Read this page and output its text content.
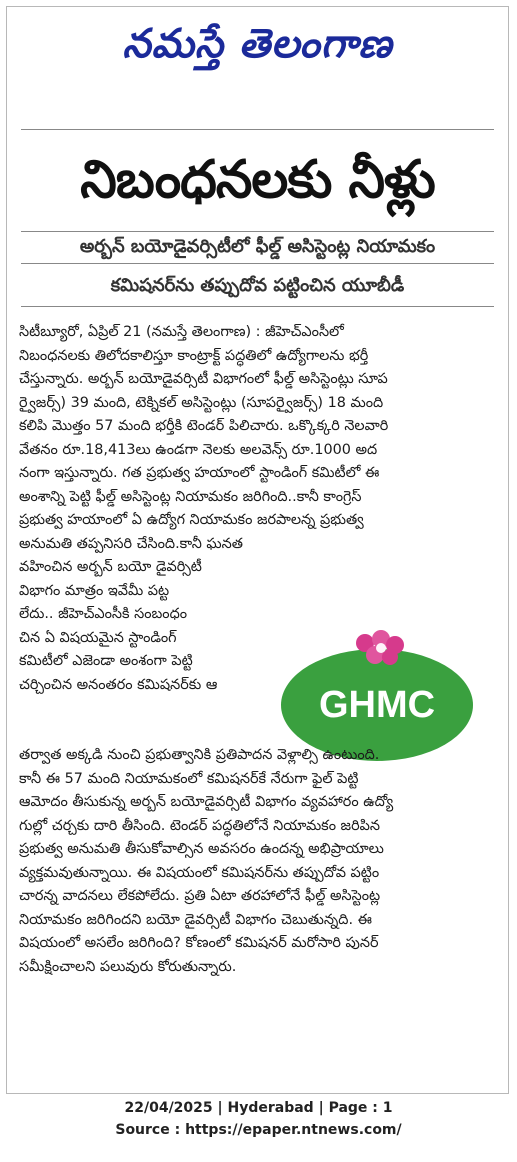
నమస్తే తెలంగాణ
నిబంధనలకు నీళ్లు
అర్బన్ బయోడైవర్సిటీలో ఫీల్డ్ అసిస్టెంట్ల నియామకం
కమిషనర్‌ను తప్పుదోవ పట్టించిన యూబీడీ
సిటీబ్యూరో, ఏప్రిల్ 21 (నమస్తే తెలంగాణ) : జీహెచ్ఎంసీలో
నిబంధనలకు తిలోదకాలిస్తూ కాంట్రాక్ట్ పద్ధతిలో ఉద్యోగాలను భర్తీ
చేస్తున్నారు. అర్బన్ బయోడైవర్సిటీ విభాగంలో ఫీల్డ్ అసిస్టెంట్లు సూప
ర్వైజర్స్) 39 మంది, టెక్నికల్ అసిస్టెంట్లు (సూపర్వైజర్స్) 18 మంది
కలిపి మొత్తం 57 మంది భర్తీకి టెండర్ పిలిచారు. ఒక్కొక్కరి నెలవారి
వేతనం రూ.18,413లు ఉండగా నెలకు అలవెన్స్ రూ.1000 అద
నంగా ఇస్తున్నారు. గత ప్రభుత్వ హయాంలో స్టాండింగ్ కమిటీలో ఈ
అంశాన్ని పెట్టి ఫీల్డ్ అసిస్టెంట్ల నియామకం జరిగింది..కానీ కాంగ్రెస్
ప్రభుత్వ హయాంలో ఏ ఉద్యోగ నియామకం జరపాలన్న ప్రభుత్వ
అనుమతి తప్పనిసరి చేసింది.కానీ ఘనత
వహించిన అర్బన్ బయో డైవర్సిటీ
విభాగం మాత్రం ఇవేమీ పట్ట
లేదు.. జీహెచ్ఎంసీకి సంబంధం
చిన ఏ విషయమైన స్టాండింగ్
కమిటీలో ఎజెండా అంశంగా పెట్టి
చర్చించిన అనంతరం కమిషనర్‌కు ఆ	GHMC
తర్వాత అక్కడి నుంచి ప్రభుత్వానికి ప్రతిపాదన వెళ్లాల్సి ఉంటుంది.
కానీ ఈ 57 మంది నియామకంలో కమిషనర్‌కే నేరుగా ఫైల్ పెట్టి
ఆమోదం తీసుకున్న అర్బన్ బయోడైవర్సిటీ విభాగం వ్యవహారం ఉద్యో
గుల్లో చర్చకు దారి తీసింది. టెండర్ పద్ధతిలోనే నియామకం జరిపిన
ప్రభుత్వ అనుమతి తీసుకోవాల్సిన అవసరం ఉందన్న అభిప్రాయాలు
వ్యక్తమవుతున్నాయి. ఈ విషయంలో కమిషనర్‌ను తప్పుదోవ పట్టిం
చారన్న వాదనలు లేకపోలేదు. ప్రతి ఏటా తరహాలోనే ఫీల్డ్ అసిస్టెంట్ల
నియామకం జరిగిందని బయో డైవర్సిటీ విభాగం చెబుతున్నది. ఈ
విషయంలో అసలేం జరిగింది? కోణంలో కమిషనర్ మరోసారి పునర్
సమీక్షించాలని పలువురు కోరుతున్నారు.
22/04/2025 | Hyderabad | Page : 1
Source : https://epaper.ntnews.com/
